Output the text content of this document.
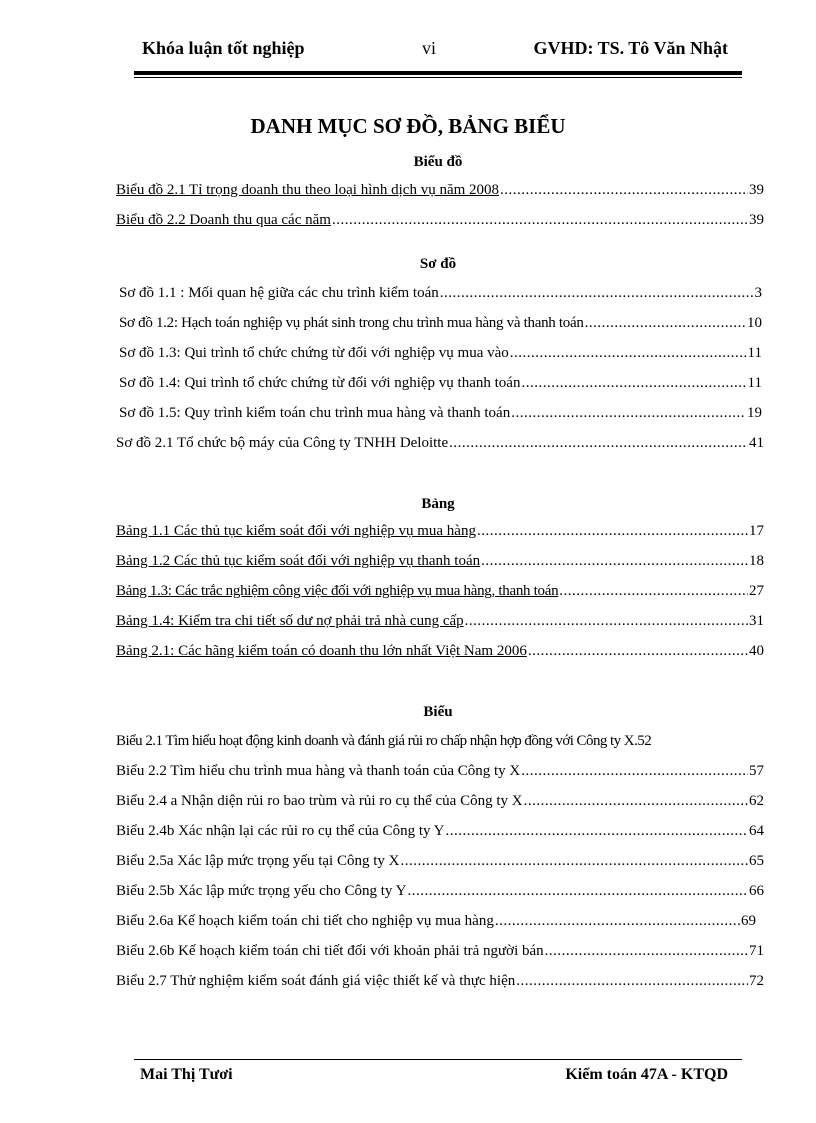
Khóa luận tốt nghiệp	vi	GVHD: TS. Tô Văn Nhật
DANH MỤC SƠ ĐỒ, BẢNG BIỂU
Biểu đồ
Biểu đồ 2.1 Tỉ trọng doanh thu theo loại hình dịch vụ năm 2008 .....	39
Biểu đồ 2.2 Doanh thu qua các năm .....	39
Sơ đồ
Sơ đồ 1.1 : Mối quan hệ giữa các chu trình kiểm toán .....	3
Sơ đồ 1.2: Hạch toán nghiệp vụ phát sinh trong chu trình mua hàng và thanh toán .....	10
Sơ đồ 1.3: Qui trình tổ chức chứng từ đối với nghiệp vụ mua vào .....	11
Sơ đồ 1.4: Qui trình tổ chức chứng từ đối với nghiệp vụ thanh toán .....	11
Sơ đồ 1.5: Quy trình kiểm toán chu trình mua hàng và thanh toán .....	19
Sơ đồ 2.1 Tổ chức bộ máy của Công ty TNHH Deloitte .....	41
Bảng
Bảng 1.1 Các thủ tục kiểm soát đối với nghiệp vụ mua hàng .....	17
Bảng 1.2 Các thủ tục kiểm soát đối với nghiệp vụ thanh toán .....	18
Bảng 1.3: Các trắc nghiệm công việc đối với nghiệp vụ mua hàng, thanh toán .....	27
Bảng 1.4: Kiểm tra chi tiết số dư nợ phải trả nhà cung cấp .....	31
Bảng 2.1: Các hãng kiểm toán có doanh thu lớn nhất Việt Nam 2006 .....	40
Biểu
Biểu 2.1 Tìm hiểu hoạt động kinh doanh và đánh giá rủi ro chấp nhận hợp đồng với Công ty X. 52
Biểu 2.2 Tìm hiểu chu trình mua hàng và thanh toán của Công ty X .....	57
Biểu 2.4 a Nhận diện rủi ro bao trùm và rủi ro cụ thể của Công ty X .....	62
Biểu 2.4b Xác nhận lại các rủi ro cụ thể của Công ty Y .....	64
Biểu 2.5a Xác lập mức trọng yếu tại Công ty X .....	65
Biểu 2.5b Xác lập mức trọng yếu cho Công ty Y .....	66
Biểu 2.6a Kế hoạch kiểm toán chi tiết cho nghiệp vụ mua hàng .....	69
Biểu 2.6b Kế hoạch kiểm toán chi tiết đối với khoản phải trả người bán .....	71
Biểu 2.7 Thử nghiệm kiểm soát đánh giá việc thiết kế và thực hiện .....	72
Mai Thị Tươi	Kiểm toán 47A - KTQD
